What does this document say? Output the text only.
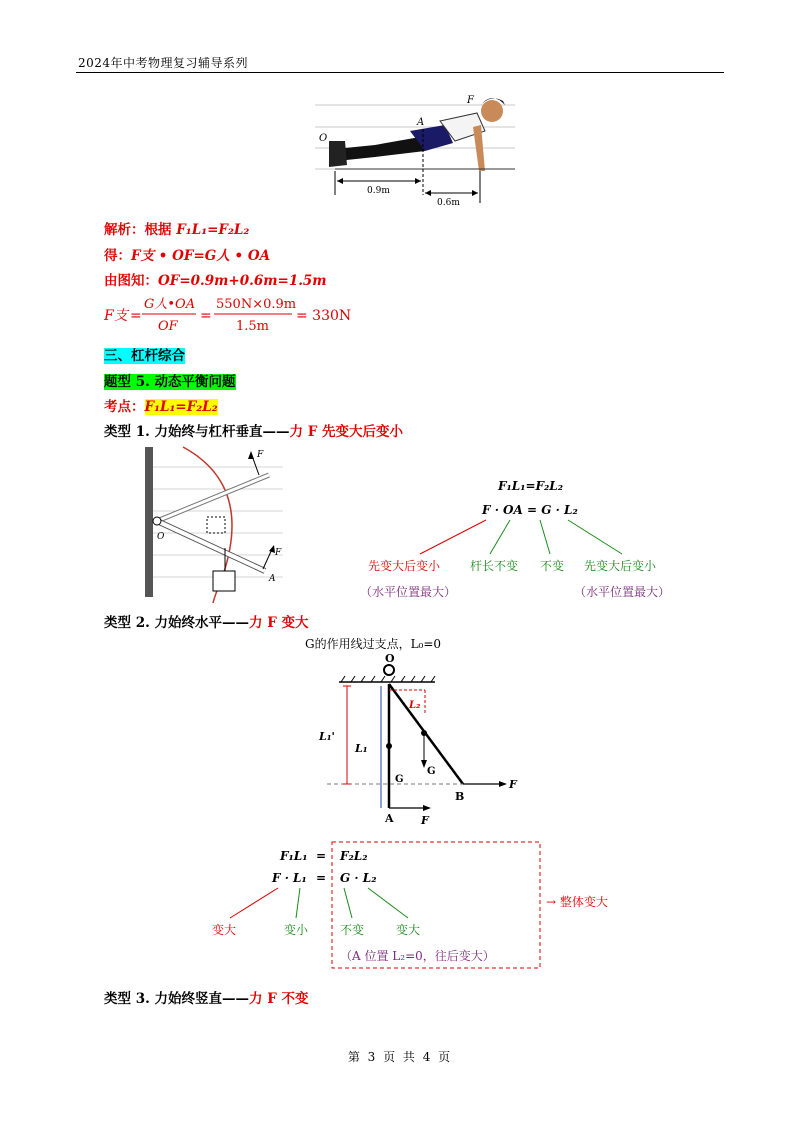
2024年中考物理复习辅导系列
F
O
A
0.9m
0.6m
解析：根据 F₁L₁=F₂L₂
得：F支 • OF=G人 • OA
由图知：OF=0.9m+0.6m=1.5m
F支 =
G人•OA
OF
=
550N×0.9m
1.5m
= 330N
三、杠杆综合
题型 5. 动态平衡问题
考点：F₁L₁=F₂L₂
类型 1. 力始终与杠杆垂直——力 F 先变大后变小
F
O
F
A
F₁L₁=F₂L₂
F · OA = G · L₂
先变大后变小 杆长不变 不变 先变大后变小
（水平位置最大）	（水平位置最大）
类型 2. 力始终水平——力 F 变大
G的作用线过支点，L₀=0
O
L₁'
L₁
L₂
G
G
B
F
A F
F₁L₁ = F₂L₂
F · L₁ = G · L₂
→ 整体变大
变大	变小	不变	变大
（A 位置 L₂=0，往后变大）
类型 3. 力始终竖直——力 F 不变
第 3 页 共 4 页
